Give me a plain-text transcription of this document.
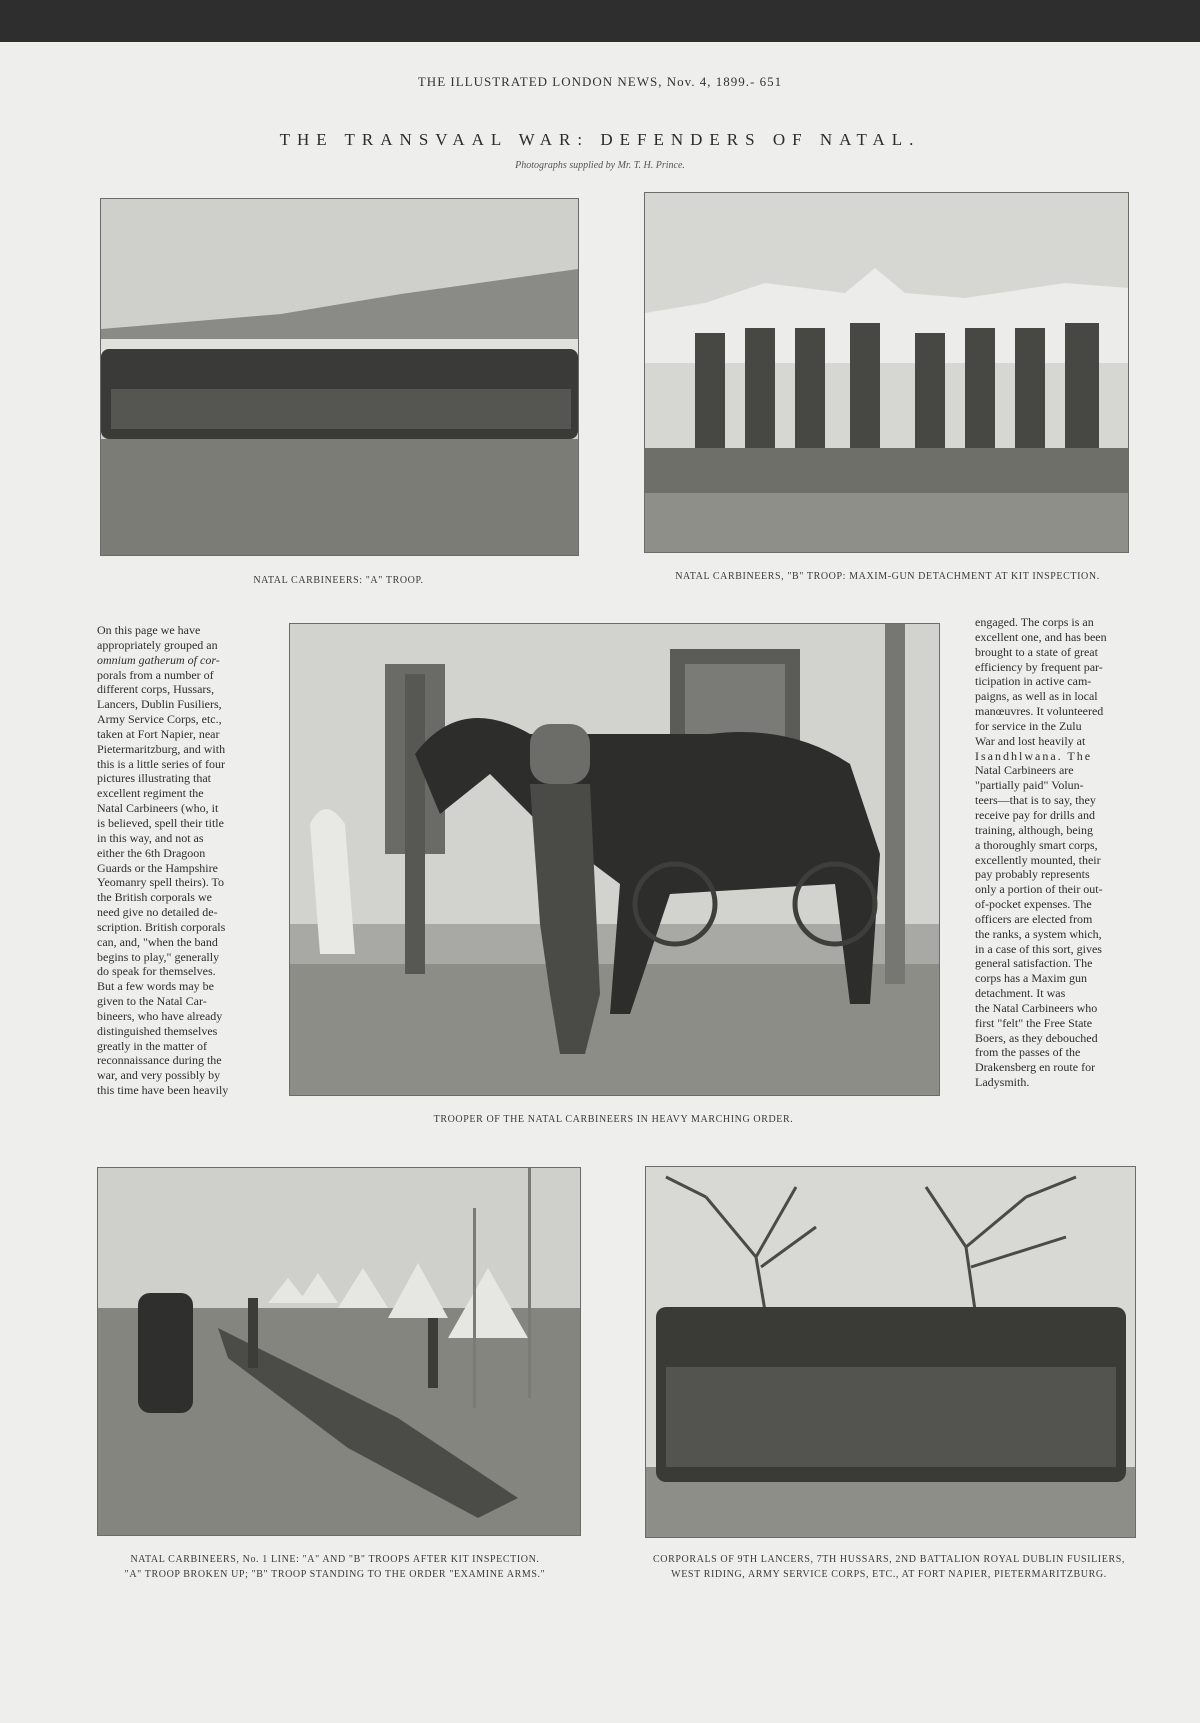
THE ILLUSTRATED LONDON NEWS, Nov. 4, 1899.- 651
THE TRANSVAAL WAR: DEFENDERS OF NATAL.
Photographs supplied by Mr. T. H. Prince.
NATAL CARBINEERS: "A" TROOP.	NATAL CARBINEERS, "B" TROOP: MAXIM-GUN DETACHMENT AT KIT INSPECTION.
On this page we have
appropriately grouped an
omnium gatherum of cor-
porals from a number of
different corps, Hussars,
Lancers, Dublin Fusiliers,
Army Service Corps, etc.,
taken at Fort Napier, near
Pietermaritzburg, and with
this is a little series of four
pictures illustrating that
excellent regiment the
Natal Carbineers (who, it
is believed, spell their title
in this way, and not as
either the 6th Dragoon
Guards or the Hampshire
Yeomanry spell theirs). To
the British corporals we
need give no detailed de-
scription. British corporals
can, and, "when the band
begins to play," generally
do speak for themselves.
But a few words may be
given to the Natal Car-
bineers, who have already
distinguished themselves
greatly in the matter of
reconnaissance during the
war, and very possibly by
this time have been heavily
TROOPER OF THE NATAL CARBINEERS IN HEAVY MARCHING ORDER.
engaged. The corps is an
excellent one, and has been
brought to a state of great
efficiency by frequent par-
ticipation in active cam-
paigns, as well as in local
manœuvres. It volunteered
for service in the Zulu
War and lost heavily at
Isandhlwana. The
Natal Carbineers are
"partially paid" Volun-
teers—that is to say, they
receive pay for drills and
training, although, being
a thoroughly smart corps,
excellently mounted, their
pay probably represents
only a portion of their out-
of-pocket expenses. The
officers are elected from
the ranks, a system which,
in a case of this sort, gives
general satisfaction. The
corps has a Maxim gun
detachment. It was
the Natal Carbineers who
first "felt" the Free State
Boers, as they debouched
from the passes of the
Drakensberg en route for
Ladysmith.
NATAL CARBINEERS, No. 1 LINE: "A" AND "B" TROOPS AFTER KIT INSPECTION.
"A" TROOP BROKEN UP; "B" TROOP STANDING TO THE ORDER "EXAMINE ARMS."
CORPORALS OF 9TH LANCERS, 7TH HUSSARS, 2ND BATTALION ROYAL DUBLIN FUSILIERS,
WEST RIDING, ARMY SERVICE CORPS, ETC., AT FORT NAPIER, PIETERMARITZBURG.
